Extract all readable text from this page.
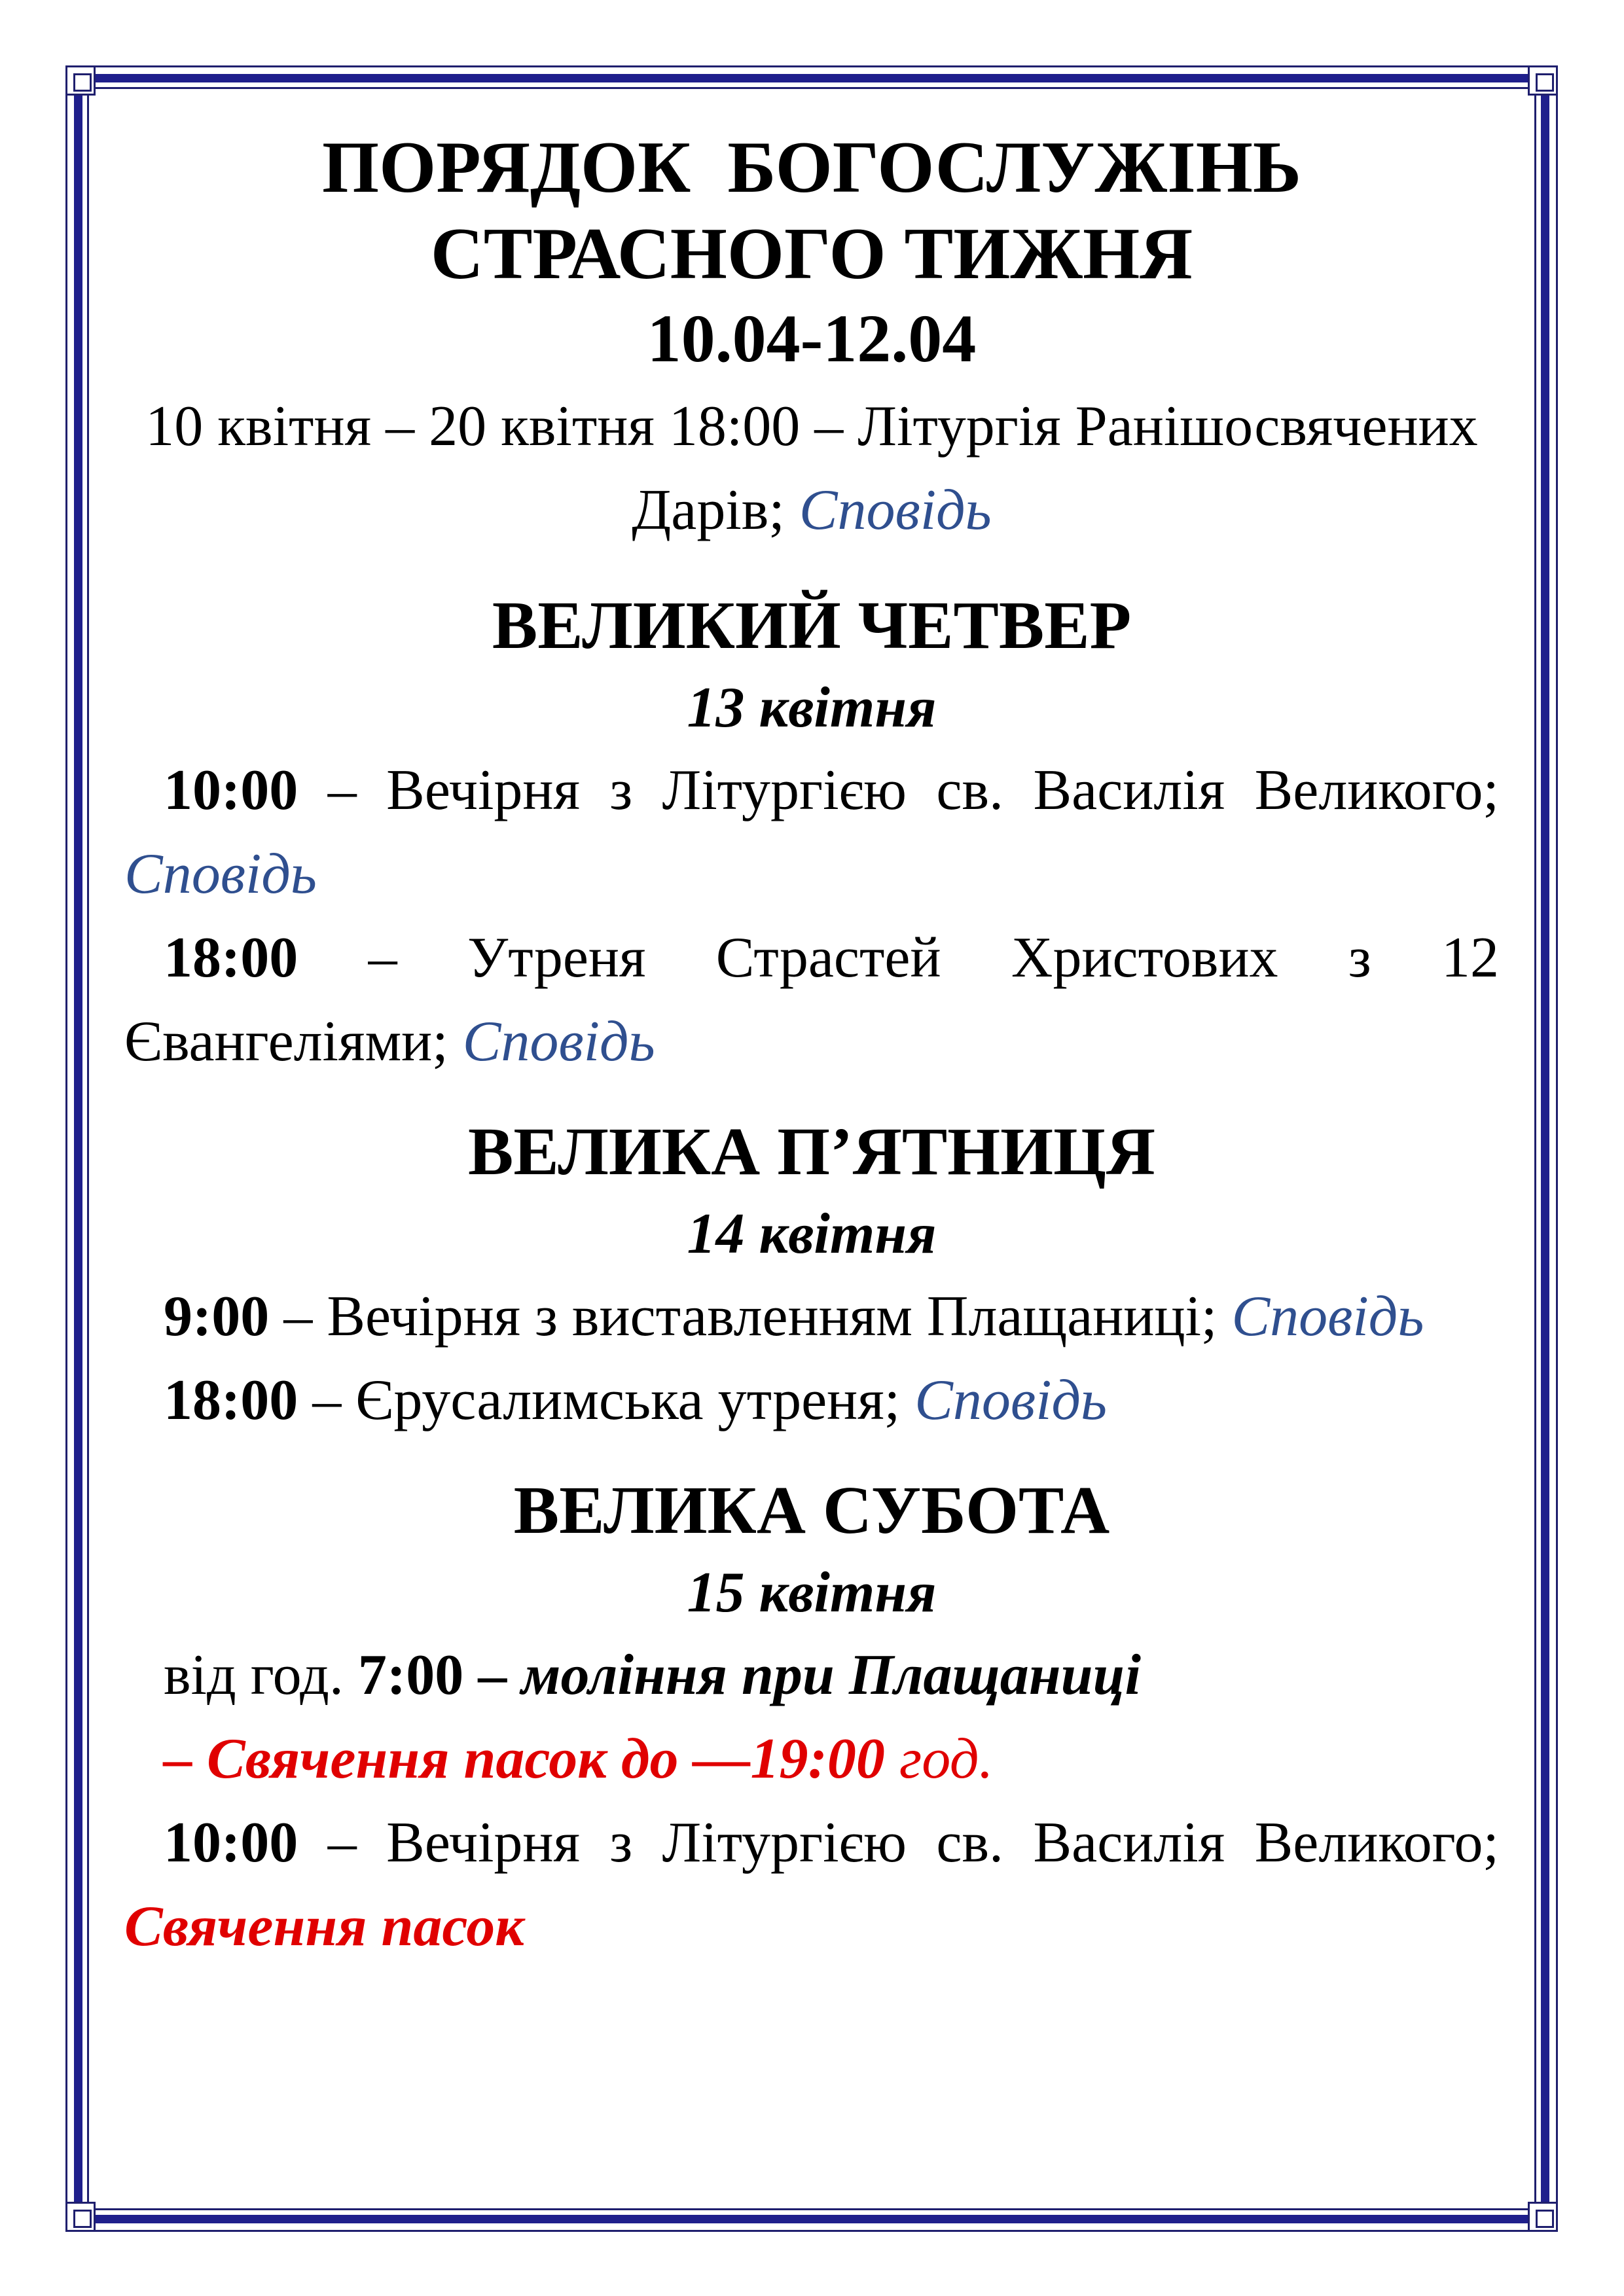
ПОРЯДОК  БОГОСЛУЖІНЬ

СТРАСНОГО ТИЖНЯ

10.04-12.04

10 квітня – 20 квітня 18:00 – Літургія Ранішосвячених Дарів; Сповідь

ВЕЛИКИЙ ЧЕТВЕР

13 квітня

10:00 – Вечірня з Літургією св. Василія Великого; Сповідь

18:00 – Утреня Страстей Христових з 12 Євангеліями; Сповідь

ВЕЛИКА П’ЯТНИЦЯ

14 квітня

9:00 – Вечірня з виставленням Плащаниці; Сповідь

18:00 – Єрусалимська утреня; Сповідь

ВЕЛИКА СУБОТА

15 квітня

від год. 7:00 – моління при Плащаниці

– Свячення пасок до —19:00 год.

10:00 – Вечірня з Літургією св. Василія Великого; Свячення пасок
